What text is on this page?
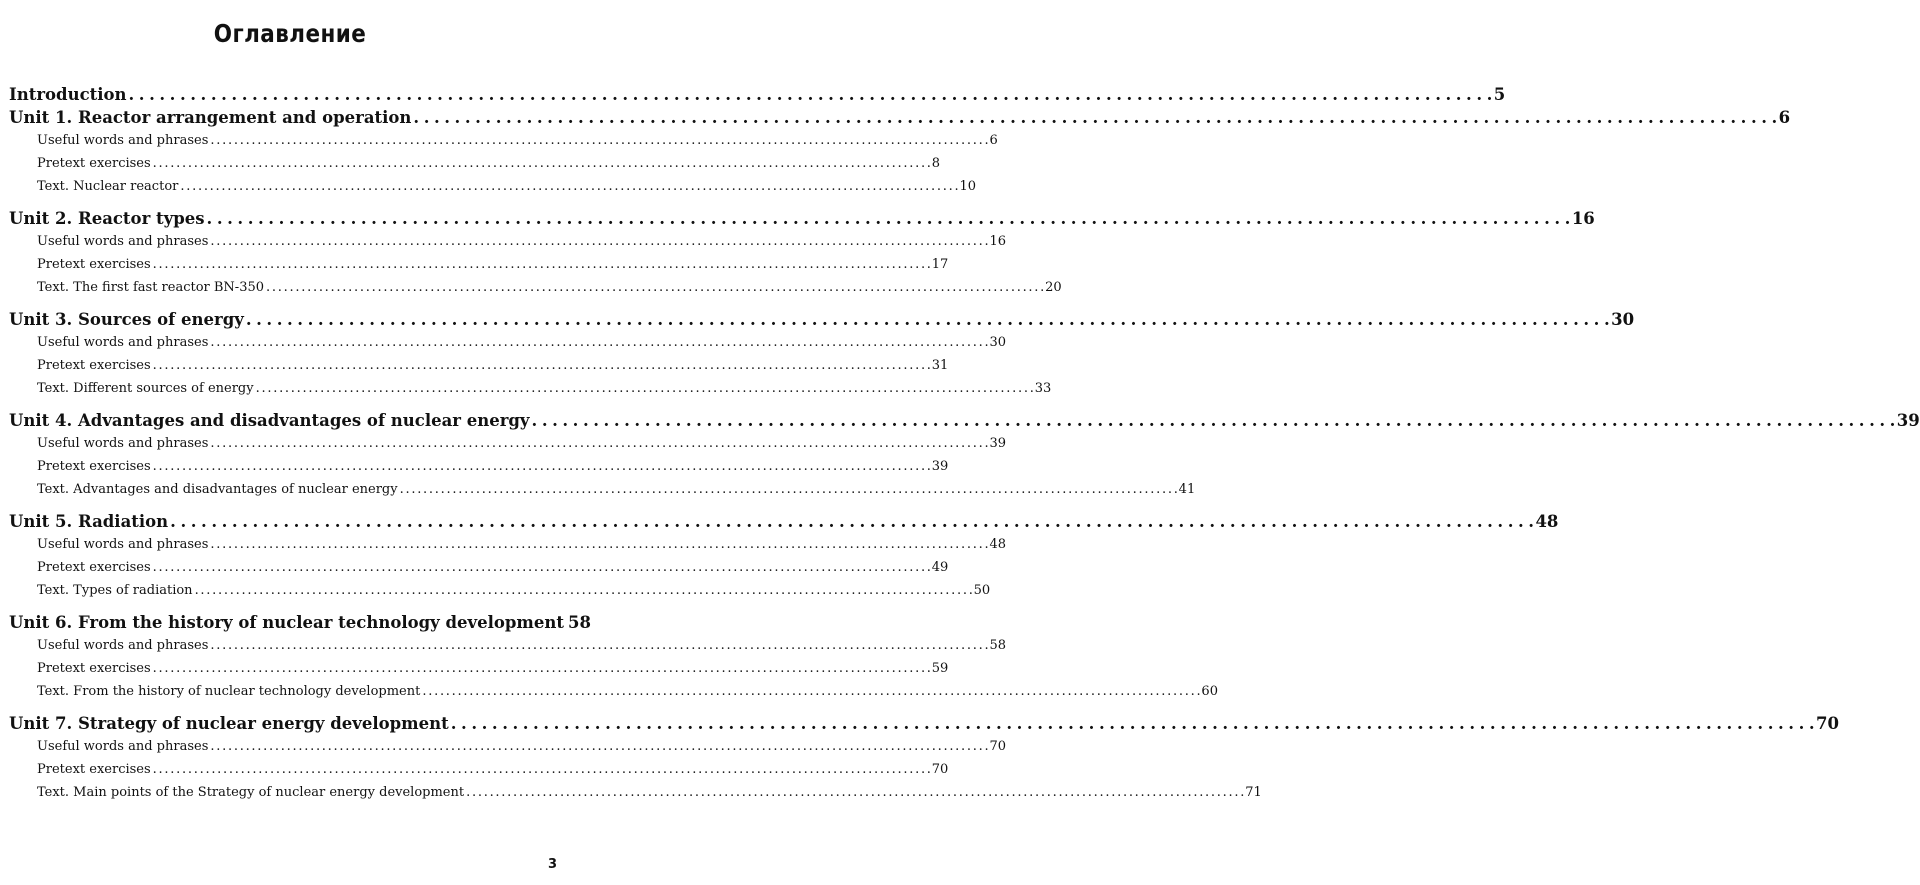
Оглавление
Introduction . . .	5
Unit 1. Reactor arrangement and operation . . .	6
Useful words and phrases . . .	6
Pretext exercises . . .	8
Text. Nuclear reactor . . .	10
Unit 2. Reactor types . . .	16
Useful words and phrases . . .	16
Pretext exercises . . .	17
Text. The first fast reactor BN-350 . . .	20
Unit 3. Sources of energy . . .	30
Useful words and phrases . . .	30
Pretext exercises . . .	31
Text. Different sources of energy . . .	33
Unit 4. Advantages and disadvantages of nuclear energy . . .	39
Useful words and phrases . . .	39
Pretext exercises . . .	39
Text. Advantages and disadvantages of nuclear energy . . .	41
Unit 5. Radiation . . .	48
Useful words and phrases . . .	48
Pretext exercises . . .	49
Text. Types of radiation . . .	50
Unit 6. From the history of nuclear technology development 58
Useful words and phrases . . .	58
Pretext exercises . . .	59
Text. From the history of nuclear technology development . . .	60
Unit 7. Strategy of nuclear energy development . . .	70
Useful words and phrases . . .	70
Pretext exercises . . .	70
Text. Main points of the Strategy of nuclear energy development . . .	71
3
